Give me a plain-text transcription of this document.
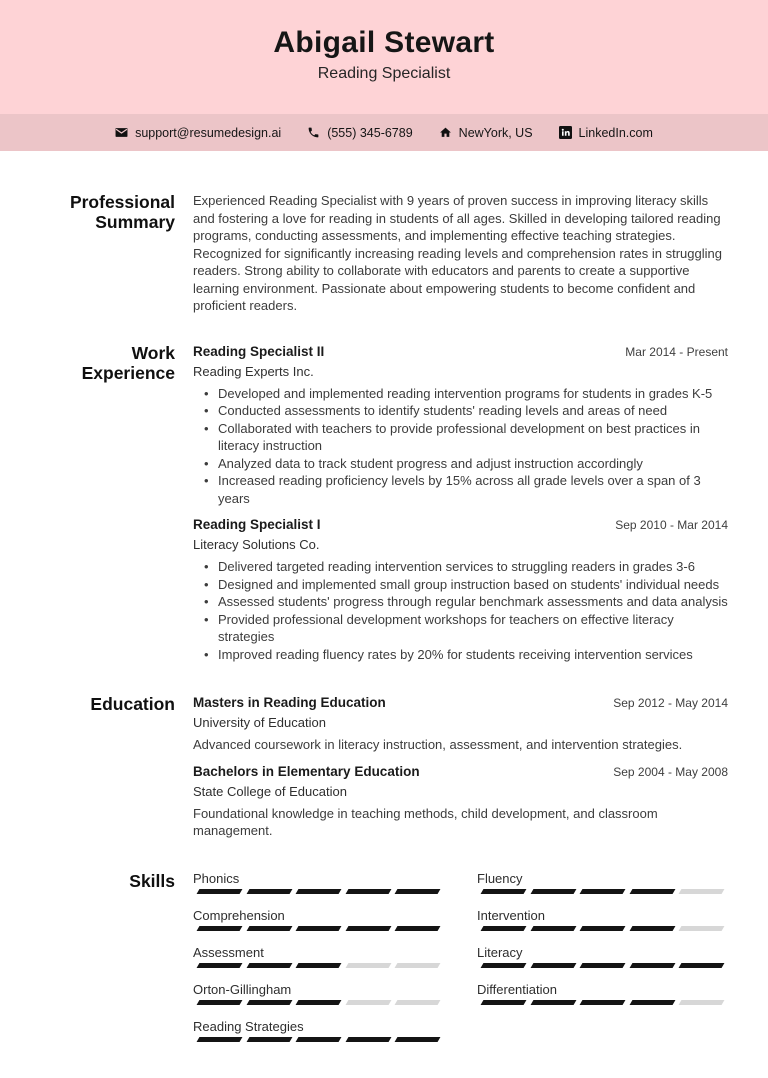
Abigail Stewart
Reading Specialist
support@resumedesign.ai	(555) 345-6789	NewYork, US	LinkedIn.com
Professional Summary

Experienced Reading Specialist with 9 years of proven success in improving literacy skills and fostering a love for reading in students of all ages. Skilled in developing tailored reading programs, conducting assessments, and implementing effective teaching strategies. Recognized for significantly increasing reading levels and comprehension rates in struggling readers. Strong ability to collaborate with educators and parents to create a supportive learning environment. Passionate about empowering students to become confident and proficient readers.

Work Experience
Reading Specialist II	Mar 2014 - Present
Reading Experts Inc.
• Developed and implemented reading intervention programs for students in grades K-5
• Conducted assessments to identify students' reading levels and areas of need
• Collaborated with teachers to provide professional development on best practices in literacy instruction
• Analyzed data to track student progress and adjust instruction accordingly
• Increased reading proficiency levels by 15% across all grade levels over a span of 3 years
Reading Specialist I	Sep 2010 - Mar 2014
Literacy Solutions Co.
• Delivered targeted reading intervention services to struggling readers in grades 3-6
• Designed and implemented small group instruction based on students' individual needs
• Assessed students' progress through regular benchmark assessments and data analysis
• Provided professional development workshops for teachers on effective literacy strategies
• Improved reading fluency rates by 20% for students receiving intervention services
Education Masters in Reading Education	Sep 2012 - May 2014
University of Education

Advanced coursework in literacy instruction, assessment, and intervention strategies.

Bachelors in Elementary Education	Sep 2004 - May 2008
State College of Education

Foundational knowledge in teaching methods, child development, and classroom management.

Skills Phonics
Comprehension
Assessment
Orton-Gillingham
Reading Strategies
Fluency
Intervention
Literacy
Differentiation
